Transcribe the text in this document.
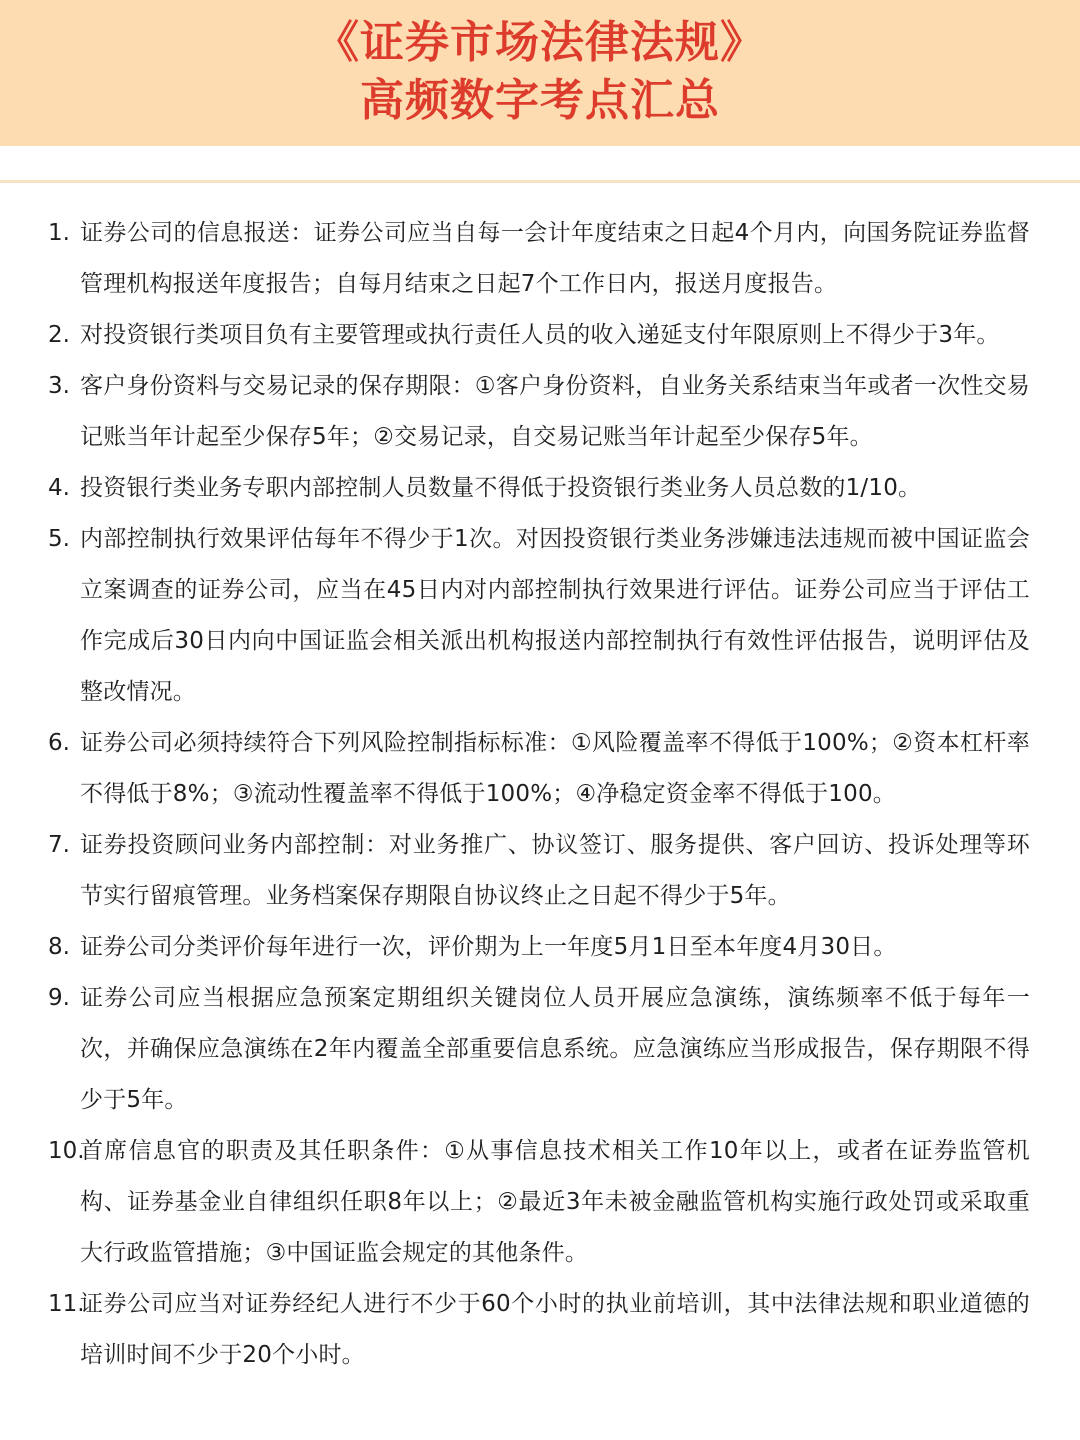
《证券市场法律法规》
高频数字考点汇总
1. 证券公司的信息报送：证券公司应当自每一会计年度结束之日起4个月内，向国务院证券监督管理机构报送年度报告；自每月结束之日起7个工作日内，报送月度报告。
2. 对投资银行类项目负有主要管理或执行责任人员的收入递延支付年限原则上不得少于3年。
3. 客户身份资料与交易记录的保存期限：①客户身份资料，自业务关系结束当年或者一次性交易记账当年计起至少保存5年；②交易记录，自交易记账当年计起至少保存5年。
4. 投资银行类业务专职内部控制人员数量不得低于投资银行类业务人员总数的1/10。
5. 内部控制执行效果评估每年不得少于1次。对因投资银行类业务涉嫌违法违规而被中国证监会立案调查的证券公司，应当在45日内对内部控制执行效果进行评估。证券公司应当于评估工作完成后30日内向中国证监会相关派出机构报送内部控制执行有效性评估报告，说明评估及整改情况。
6. 证券公司必须持续符合下列风险控制指标标准：①风险覆盖率不得低于100%；②资本杠杆率不得低于8%；③流动性覆盖率不得低于100%；④净稳定资金率不得低于100。
7. 证券投资顾问业务内部控制：对业务推广、协议签订、服务提供、客户回访、投诉处理等环节实行留痕管理。业务档案保存期限自协议终止之日起不得少于5年。
8. 证券公司分类评价每年进行一次，评价期为上一年度5月1日至本年度4月30日。
9. 证券公司应当根据应急预案定期组织关键岗位人员开展应急演练，演练频率不低于每年一次，并确保应急演练在2年内覆盖全部重要信息系统。应急演练应当形成报告，保存期限不得少于5年。
10.
首席信息官的职责及其任职条件：①从事信息技术相关工作10年以上，或者在证券监管机构、证券基金业自律组织任职8年以上；②最近3年未被金融监管机构实施行政处罚或采取重大行政监管措施；③中国证监会规定的其他条件。
11.
证券公司应当对证券经纪人进行不少于60个小时的执业前培训，其中法律法规和职业道德的培训时间不少于20个小时。
